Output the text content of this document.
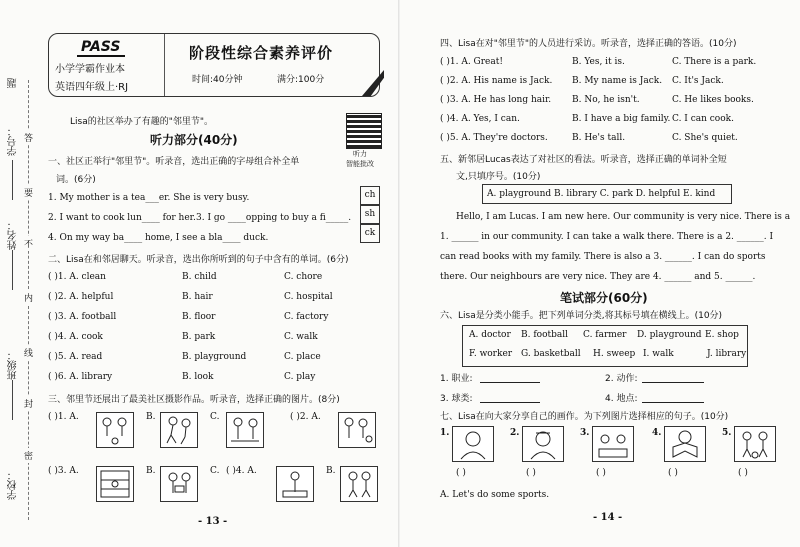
题
学号：
姓名：
班级：
学校：
答
要
不
内
线
封
密
PASS
小学学霸作业本
英语四年级上·RJ
阶段性综合素养评价
时间:40分钟	满分:100分
Lisa的社区举办了有趣的"邻里节"。
听力部分(40分)
听力
智能批改
一、社区正举行"邻里节"。听录音，选出正确的字母组合补全单
词。(6分)
ch
sh
ck
1. My mother is a tea___er. She is very busy.
2. I want to cook lun____ for her. 3. I go ____opping to buy a fi_____.
4. On my way ba____ home, I see a bla____ duck.
二、Lisa在和邻居聊天。听录音，选出你所听到的句子中含有的单词。(6分)
( )1. A. clean	B. child	C. chore
( )2. A. helpful	B. hair	C. hospital
( )3. A. football	B. floor	C. factory
( )4. A. cook	B. park	C. walk
( )5. A. read	B. playground	C. place
( )6. A. library	B. look	C. play
三、邻里节还展出了最美社区摄影作品。听录音，选择正确的图片。(8分)
( )1. A.	B.	C.	( )2. A.
( )3. A.	B.	C. ( )4. A.	B.
- 13 -
四、Lisa在对"邻里节"的人员进行采访。听录音，选择正确的答语。(10分)
( )1. A. Great!	B. Yes, it is.	C. There is a park.
( )2. A. His name is Jack. B. My name is Jack. C. It's Jack.
( )3. A. He has long hair. B. No, he isn't.	C. He likes books.
( )4. A. Yes, I can.	B. I have a big family. C. I can cook.
( )5. A. They're doctors.	B. He's tall.	C. She's quiet.
五、新邻居Lucas表达了对社区的看法。听录音，选择正确的单词补全短
文,只填序号。(10分)
A. playground B. library C. park D. helpful E. kind
Hello, I am Lucas. I am new here. Our community is very nice. There is a
1. ______ in our community. I can take a walk there. There is a 2. ______. I
can read books with my family. There is also a 3. ______. I can do sports
there. Our neighbours are very nice. They are 4. ______ and 5. ______.
笔试部分(60分)
六、Lisa是分类小能手。把下列单词分类,将其标号填在横线上。(10分)
A. doctor B. football C. farmer D. playground E. shop
F. worker G. basketball H. sweep I. walk	J. library
1. 职业:	2. 动作:
3. 球类:	4. 地点:
七、Lisa在向大家分享自己的画作。为下列图片选择相应的句子。(10分)
1.
( )
2.
( )
3.
( )
4.
( )
5.
( )
A. Let's do some sports.
- 14 -
